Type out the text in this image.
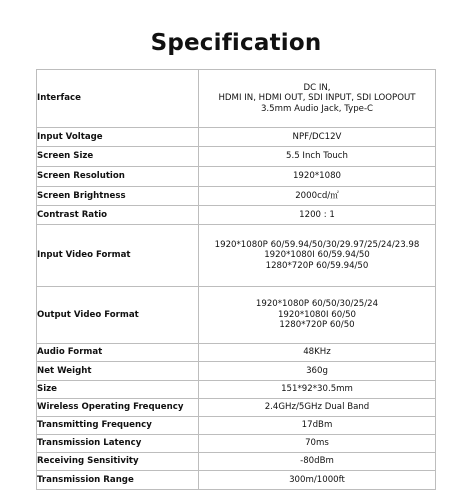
Specification
Interface	DC IN,
HDMI IN, HDMI OUT, SDI INPUT, SDI LOOPOUT
3.5mm Audio Jack, Type-C

Input Voltage	NPF/DC12V

Screen Size	5.5 Inch Touch

Screen Resolution	1920*1080

Screen Brightness	2000cd/㎡

Contrast Ratio	1200 : 1

Input Video Format	1920*1080P 60/59.94/50/30/29.97/25/24/23.98
1920*1080I 60/59.94/50
1280*720P 60/59.94/50

Output Video Format	1920*1080P 60/50/30/25/24
1920*1080I 60/50
1280*720P 60/50

Audio Format	48KHz

Net Weight	360g

Size	151*92*30.5mm

Wireless Operating Frequency	2.4GHz/5GHz Dual Band

Transmitting Frequency	17dBm

Transmission Latency	70ms

Receiving Sensitivity	-80dBm

Transmission Range	300m/1000ft
